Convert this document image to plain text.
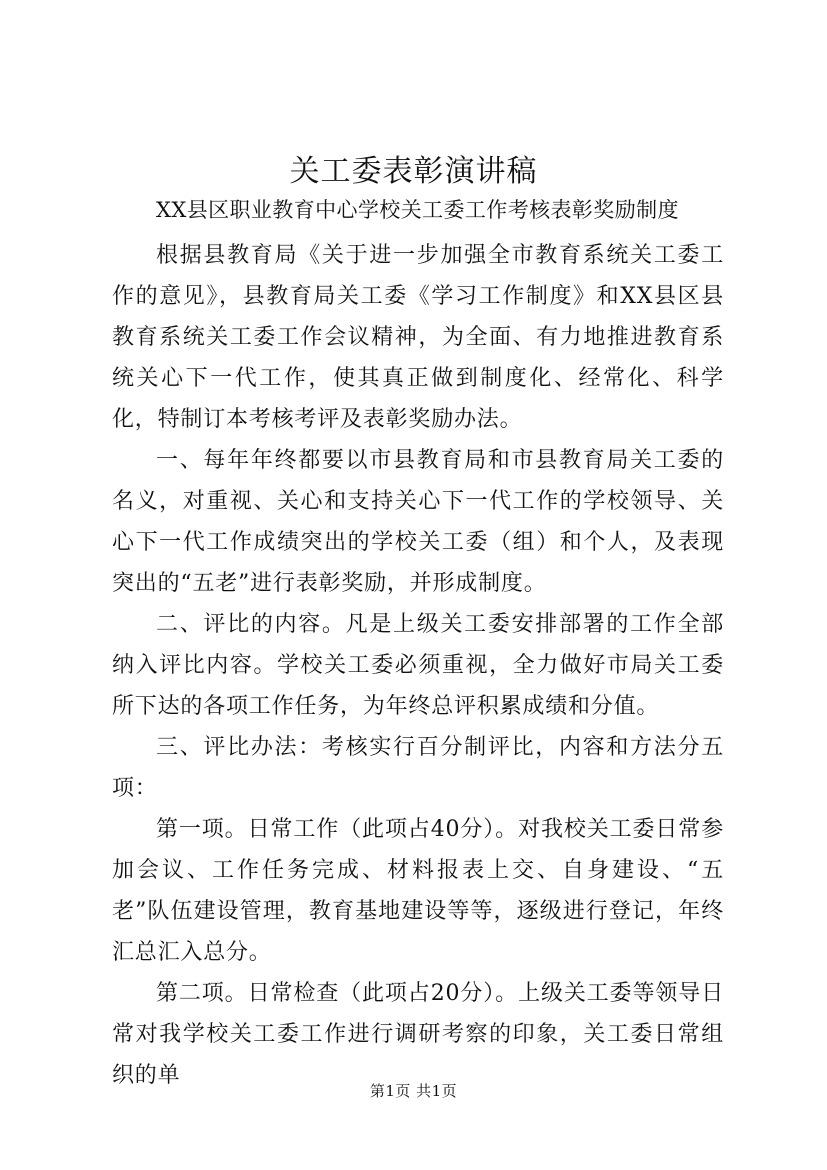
关工委表彰演讲稿

XX县区职业教育中心学校关工委工作考核表彰奖励制度

根据县教育局《关于进一步加强全市教育系统关工委工作的意见》，县教育局关工委《学习工作制度》和XX县区县教育系统关工委工作会议精神，为全面、有力地推进教育系统关心下一代工作，使其真正做到制度化、经常化、科学化，特制订本考核考评及表彰奖励办法。

一、每年年终都要以市县教育局和市县教育局关工委的名义，对重视、关心和支持关心下一代工作的学校领导、关心下一代工作成绩突出的学校关工委（组）和个人，及表现突出的“五老”进行表彰奖励，并形成制度。

二、评比的内容。凡是上级关工委安排部署的工作全部纳入评比内容。学校关工委必须重视，全力做好市局关工委所下达的各项工作任务，为年终总评积累成绩和分值。

三、评比办法：考核实行百分制评比，内容和方法分五项：

第一项。日常工作（此项占40分）。对我校关工委日常参加会议、工作任务完成、材料报表上交、自身建设、“五老”队伍建设管理，教育基地建设等等，逐级进行登记，年终汇总汇入总分。

第二项。日常检查（此项占20分）。上级关工委等领导日常对我学校关工委工作进行调研考察的印象，关工委日常组织的单

第1页 共1页
